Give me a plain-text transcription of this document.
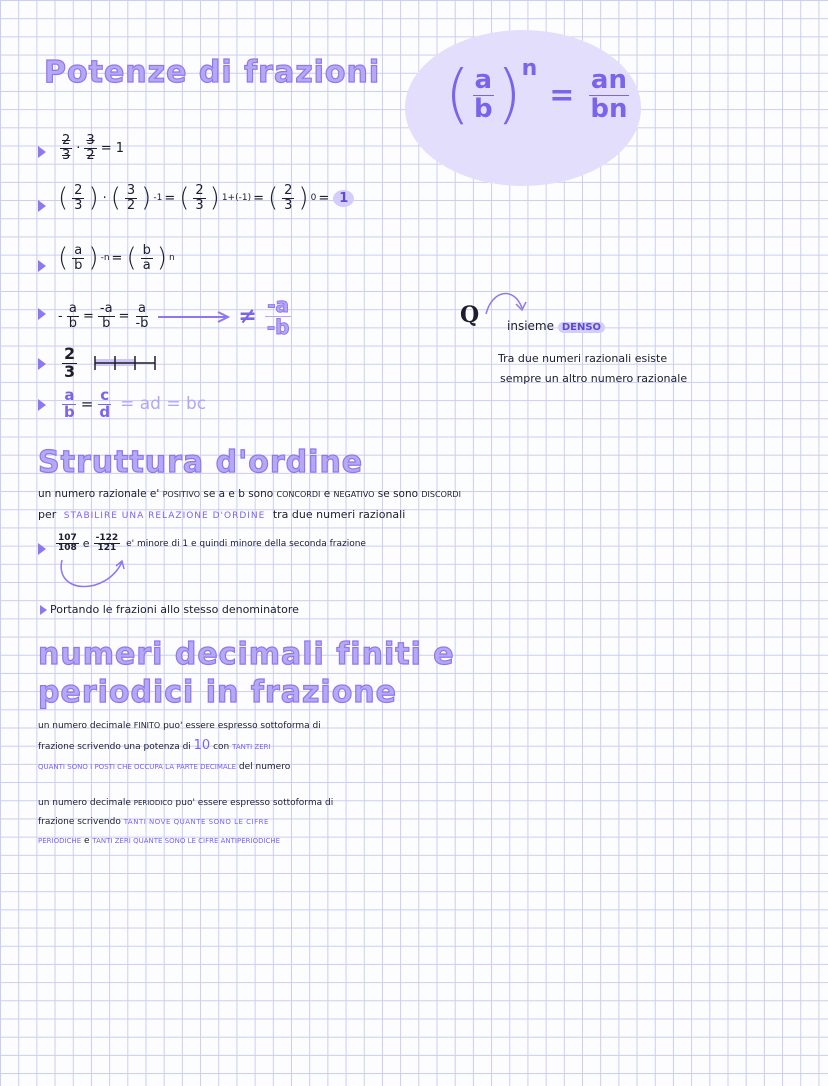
Potenze di frazioni ( $\frac{a}{b}$ ) n
= $\frac{an}{bn}$
$\frac{2}{3} \cdot \frac{3}{2} = 1$
( $\frac{2}{3}$ ) · ( $\frac{3}{2}$ ) -1 = ( $\frac{2}{3}$ ) 1+(-1) = ( $\frac{2}{3}$ ) 0 = 1
( $\frac{a}{b}$ ) -n = ( $\frac{b}{a}$ ) n
- $\frac{a}{b} = \frac{-a}{b} = \frac{a}{-b}$	≠ $\frac{-a}{-b}$
$\frac{2}{3}$
$\frac{a}{b} = \frac{c}{d}$ = ad = bc
Q insieme DENSO
Tra due numeri razionali esiste
sempre un altro numero razionale
Struttura d'ordine
un numero razionale e' POSITIVO se a e b sono CONCORDI e NEGATIVO se sono DISCORDI
per STABILIRE UNA RELAZIONE D'ORDINE tra due numeri razionali
$\frac{107}{108}$ e $\frac{-122}{121} e'$ minore di 1 e quindi minore della seconda frazione
Portando le frazioni allo stesso denominatore
numeri decimali finiti e
periodici in frazione
un numero decimale FINITO puo' essere espresso sottoforma di
frazione scrivendo una potenza di 10 con TANTI ZERI
QUANTI SONO I POSTI CHE OCCUPA LA PARTE DECIMALE del numero
un numero decimale PERIODICO puo' essere espresso sottoforma di
frazione scrivendo TANTI NOVE QUANTE SONO LE CIFRE
PERIODICHE e TANTI ZERI QUANTE SONO LE CIFRE ANTIPERIODICHE
